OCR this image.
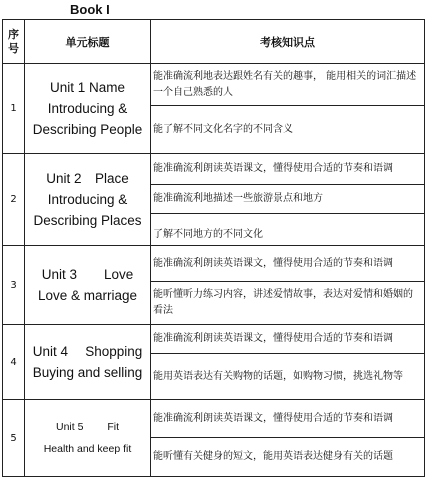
Book I
序号	单元标题	考核知识点
1	Unit 1 Name
Introducing &
Describing People	能准确流利地表达跟姓名有关的趣事， 能用相关的词汇描述一个自己熟悉的人
		能了解不同文化名字的不同含义
2	Unit 2　Place
Introducing &
Describing Places	能准确流利朗读英语课文，懂得使用合适的节奏和语调
		能准确流利地描述一些旅游景点和地方
		了解不同地方的不同文化
3	Unit 3　　Love
Love & marriage	能准确流利朗读英语课文，懂得使用合适的节奏和语调
		能听懂听力练习内容，讲述爱情故事，表达对爱情和婚姻的看法
4	Unit 4　 Shopping
Buying and selling	能准确流利朗读英语课文，懂得使用合适的节奏和语调
		能用英语表达有关购物的话题，如购物习惯，挑选礼物等
5	Unit 5　　 Fit
Health and keep fit	能准确流利朗读英语课文，懂得使用合适的节奏和语调
		能听懂有关健身的短文，能用英语表达健身有关的话题
